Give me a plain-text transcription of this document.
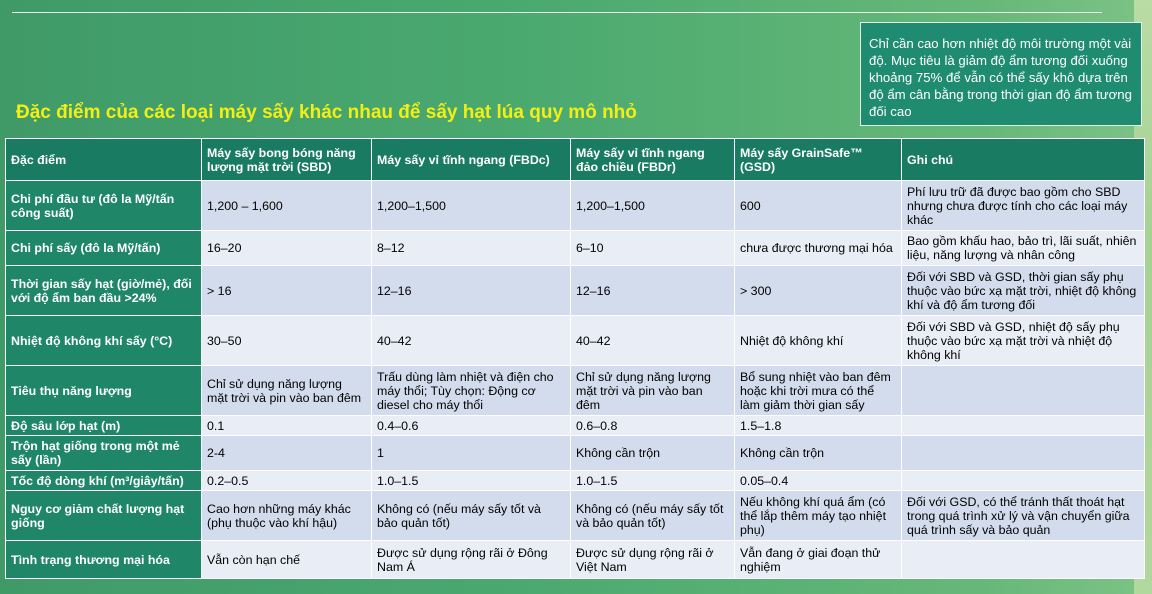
Chỉ cần cao hơn nhiệt độ môi trường một vài độ. Mục tiêu là giảm độ ẩm tương đối xuống khoảng 75% để vẫn có thể sấy khô dựa trên độ ẩm cân bằng trong thời gian độ ẩm tương đối cao
Đặc điểm của các loại máy sấy khác nhau để sấy hạt lúa quy mô nhỏ
Đặc điểm	Máy sấy bong bóng năng lượng mặt trời (SBD)	Máy sấy vỉ tĩnh ngang (FBDc)	Máy sấy vỉ tĩnh ngang đảo chiều (FBDr)	Máy sấy GrainSafe™ (GSD)	Ghi chú
Chi phí đầu tư (đô la Mỹ/tấn công suất)	1,200 – 1,600	1,200–1,500	1,200–1,500	600	Phí lưu trữ đã được bao gồm cho SBD nhưng chưa được tính cho các loại máy khác
Chi phí sấy (đô la Mỹ/tấn)	16–20	8–12	6–10	chưa được thương mại hóa	Bao gồm khấu hao, bảo trì, lãi suất, nhiên liệu, năng lượng và nhân công
Thời gian sấy hạt (giờ/mẻ), đối với độ ẩm ban đầu >24%	> 16	12–16	12–16	> 300	Đối với SBD và GSD, thời gian sấy phụ thuộc vào bức xạ mặt trời, nhiệt độ không khí và độ ẩm tương đối
Nhiệt độ không khí sấy (°C)	30–50	40–42	40–42	Nhiệt độ không khí	Đối với SBD và GSD, nhiệt độ sấy phụ thuộc vào bức xạ mặt trời và nhiệt độ không khí
Tiêu thụ năng lượng	Chỉ sử dụng năng lượng mặt trời và pin vào ban đêm	Trấu dùng làm nhiệt và điện cho máy thổi; Tùy chọn: Động cơ diesel cho máy thổi	Chỉ sử dụng năng lượng mặt trời và pin vào ban đêm	Bổ sung nhiệt vào ban đêm hoặc khi trời mưa có thể làm giảm thời gian sấy	
Độ sâu lớp hạt (m)	0.1	0.4–0.6	0.6–0.8	1.5–1.8	
Trộn hạt giống trong một mẻ sấy (lần)	2-4	1	Không cần trộn	Không cần trộn	
Tốc độ dòng khí (m³/giây/tấn)	0.2–0.5	1.0–1.5	1.0–1.5	0.05–0.4	
Nguy cơ giảm chất lượng hạt giống	Cao hơn những máy khác (phụ thuộc vào khí hậu)	Không có (nếu máy sấy tốt và bảo quản tốt)	Không có (nếu máy sấy tốt và bảo quản tốt)	Nếu không khí quá ẩm (có thể lắp thêm máy tạo nhiệt phụ)	Đối với GSD, có thể tránh thất thoát hạt trong quá trình xử lý và vận chuyển giữa quá trình sấy và bảo quản
Tình trạng thương mại hóa	Vẫn còn hạn chế	Được sử dụng rộng rãi ở Đông Nam Á	Được sử dụng rộng rãi ở Việt Nam	Vẫn đang ở giai đoạn thử nghiệm	
